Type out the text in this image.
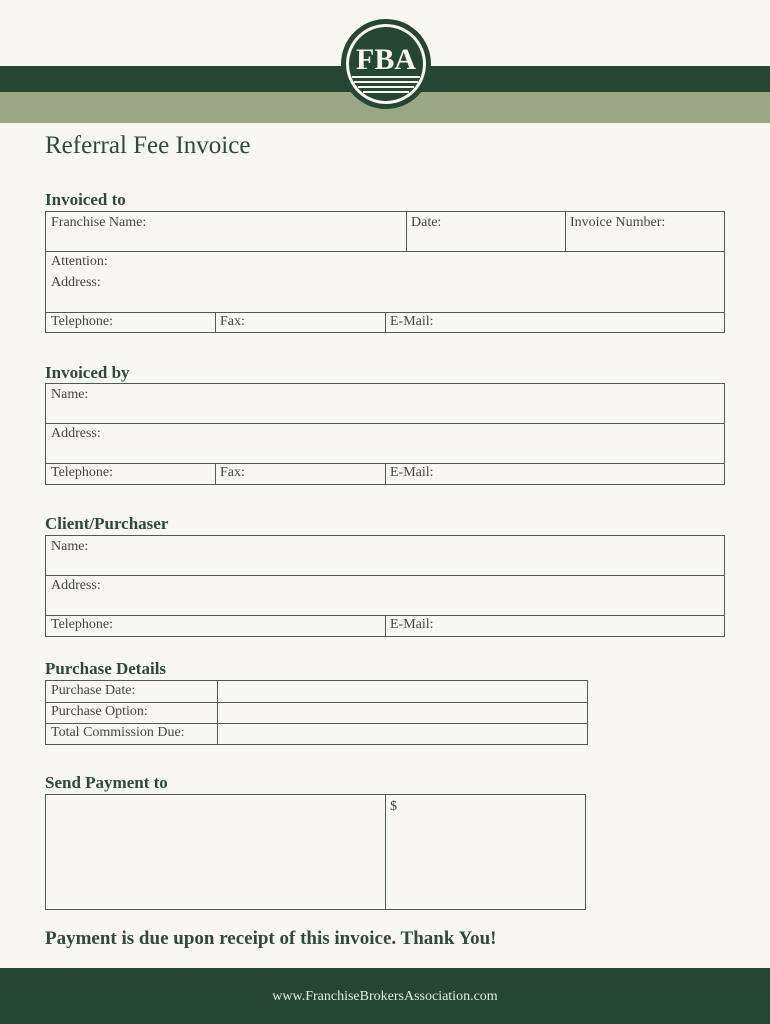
FBA
Referral Fee Invoice
Invoiced to
Franchise Name:	Date:	Invoice Number:
Attention:
Address:
Telephone:	Fax:	E-Mail:
Invoiced by
Name:
Address:
Telephone:	Fax:	E-Mail:
Client/Purchaser
Name:
Address:
Telephone:	E-Mail:
Purchase Details
Purchase Date:
Purchase Option:
Total Commission Due:
Send Payment to
$

Payment is due upon receipt of this invoice. Thank You!

www.FranchiseBrokersAssociation.com
